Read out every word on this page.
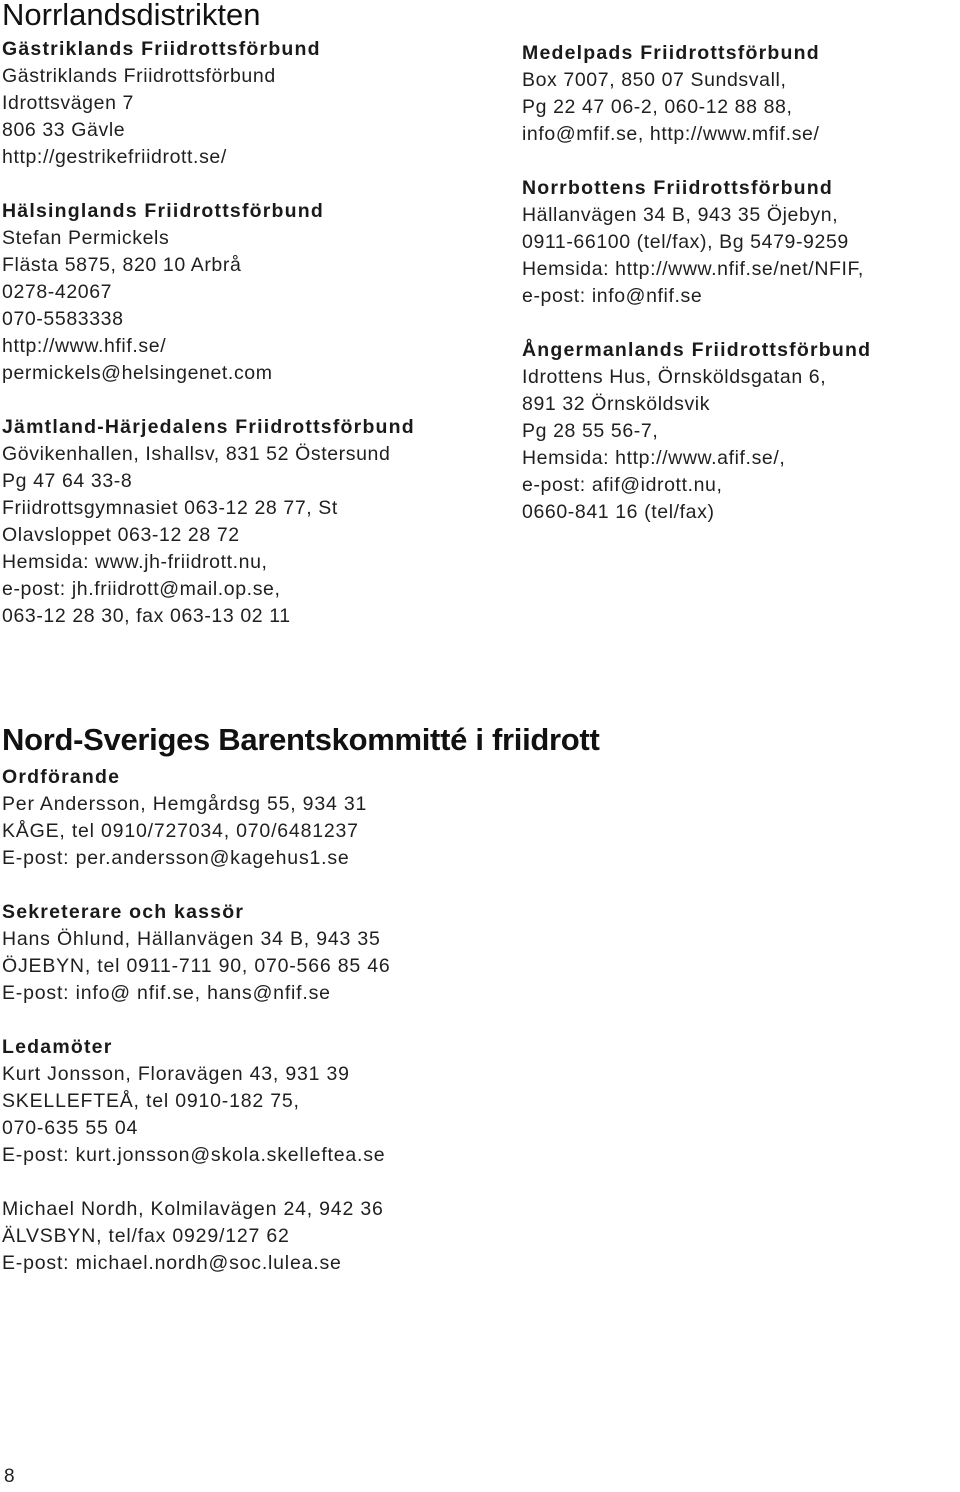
Norrlandsdistrikten
Gästriklands Friidrottsförbund
Gästriklands Friidrottsförbund
Idrottsvägen 7
806 33 Gävle
http://gestrikefriidrott.se/
Hälsinglands Friidrottsförbund
Stefan Permickels
Flästa 5875, 820 10 Arbrå
0278-42067
070-5583338
http://www.hfif.se/
permickels@helsingenet.com
Jämtland-Härjedalens Friidrottsförbund
Gövikenhallen, Ishallsv, 831 52 Östersund
Pg 47 64 33-8
Friidrottsgymnasiet 063-12 28 77, St
Olavsloppet 063-12 28 72
Hemsida: www.jh-friidrott.nu,
e-post: jh.friidrott@mail.op.se,
063-12 28 30, fax 063-13 02 11
Medelpads Friidrottsförbund
Box 7007, 850 07 Sundsvall,
Pg 22 47 06-2, 060-12 88 88,
info@mfif.se, http://www.mfif.se/
Norrbottens Friidrottsförbund
Hällanvägen 34 B, 943 35 Öjebyn,
0911-66100 (tel/fax), Bg 5479-9259
Hemsida: http://www.nfif.se/net/NFIF,
e-post: info@nfif.se
Ångermanlands Friidrottsförbund
Idrottens Hus, Örnsköldsgatan 6,
891 32 Örnsköldsvik
Pg 28 55 56-7,
Hemsida: http://www.afif.se/,
e-post: afif@idrott.nu,
0660-841 16 (tel/fax)
Nord-Sveriges Barentskommitté i friidrott
Ordförande
Per Andersson, Hemgårdsg 55, 934 31
KÅGE, tel 0910/727034, 070/6481237
E-post: per.andersson@kagehus1.se
Sekreterare och kassör
Hans Öhlund, Hällanvägen 34 B, 943 35
ÖJEBYN, tel 0911-711 90, 070-566 85 46
E-post: info@ nfif.se, hans@nfif.se
Ledamöter
Kurt Jonsson, Floravägen 43, 931 39
SKELLEFTEÅ, tel 0910-182 75,
070-635 55 04
E-post: kurt.jonsson@skola.skelleftea.se
Michael Nordh, Kolmilavägen 24, 942 36
ÄLVSBYN, tel/fax 0929/127 62
E-post: michael.nordh@soc.lulea.se
8
